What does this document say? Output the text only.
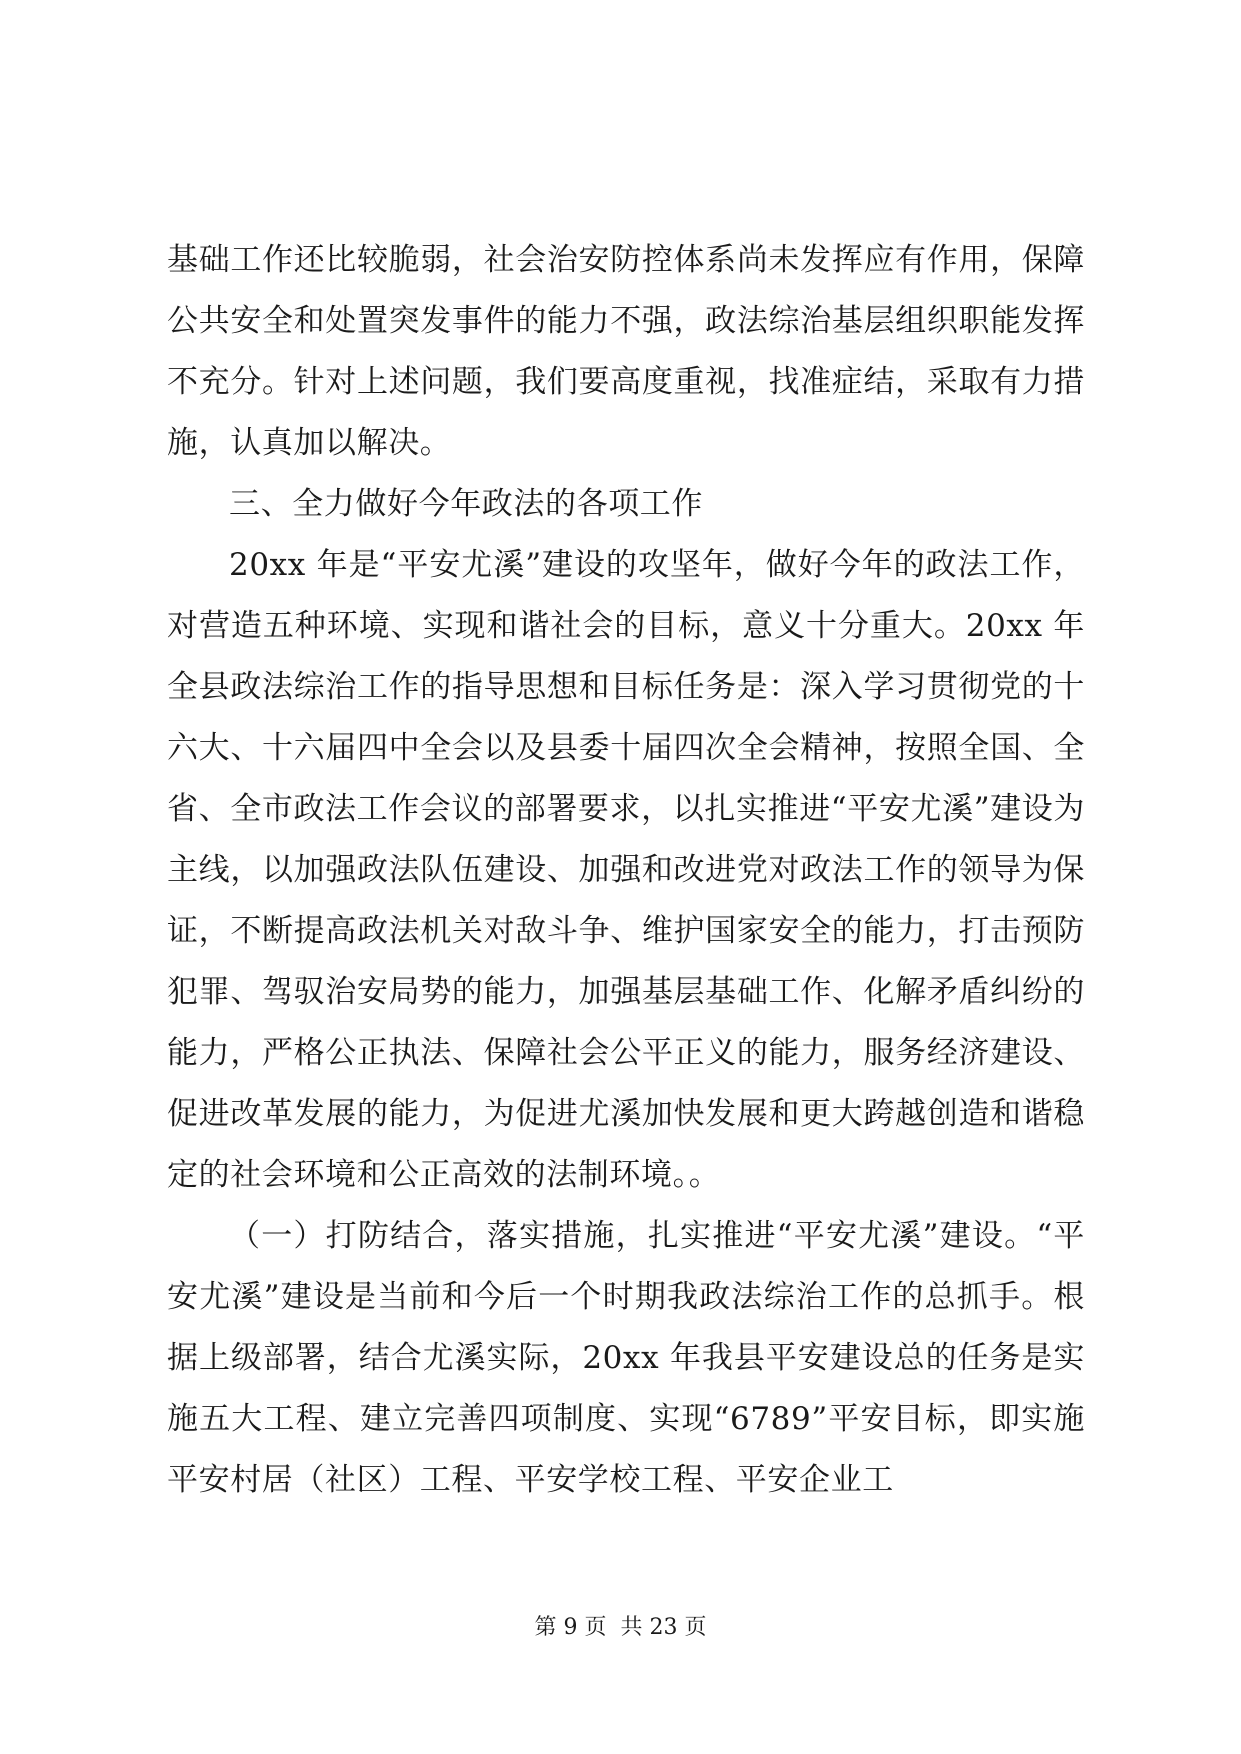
基础工作还比较脆弱，社会治安防控体系尚未发挥应有作用，保障公共安全和处置突发事件的能力不强，政法综治基层组织职能发挥不充分。针对上述问题，我们要高度重视，找准症结，采取有力措施，认真加以解决。

三、全力做好今年政法的各项工作

20xx 年是“平安尤溪”建设的攻坚年，做好今年的政法工作，对营造五种环境、实现和谐社会的目标，意义十分重大。20xx 年全县政法综治工作的指导思想和目标任务是：深入学习贯彻党的十六大、十六届四中全会以及县委十届四次全会精神，按照全国、全省、全市政法工作会议的部署要求，以扎实推进“平安尤溪”建设为主线，以加强政法队伍建设、加强和改进党对政法工作的领导为保证，不断提高政法机关对敌斗争、维护国家安全的能力，打击预防犯罪、驾驭治安局势的能力，加强基层基础工作、化解矛盾纠纷的能力，严格公正执法、保障社会公平正义的能力，服务经济建设、促进改革发展的能力，为促进尤溪加快发展和更大跨越创造和谐稳定的社会环境和公正高效的法制环境。。

（一）打防结合，落实措施，扎实推进“平安尤溪”建设。“平安尤溪”建设是当前和今后一个时期我政法综治工作的总抓手。根据上级部署，结合尤溪实际，20xx 年我县平安建设总的任务是实施五大工程、建立完善四项制度、实现“6789”平安目标，即实施平安村居（社区）工程、平安学校工程、平安企业工

第 9 页  共 23 页
